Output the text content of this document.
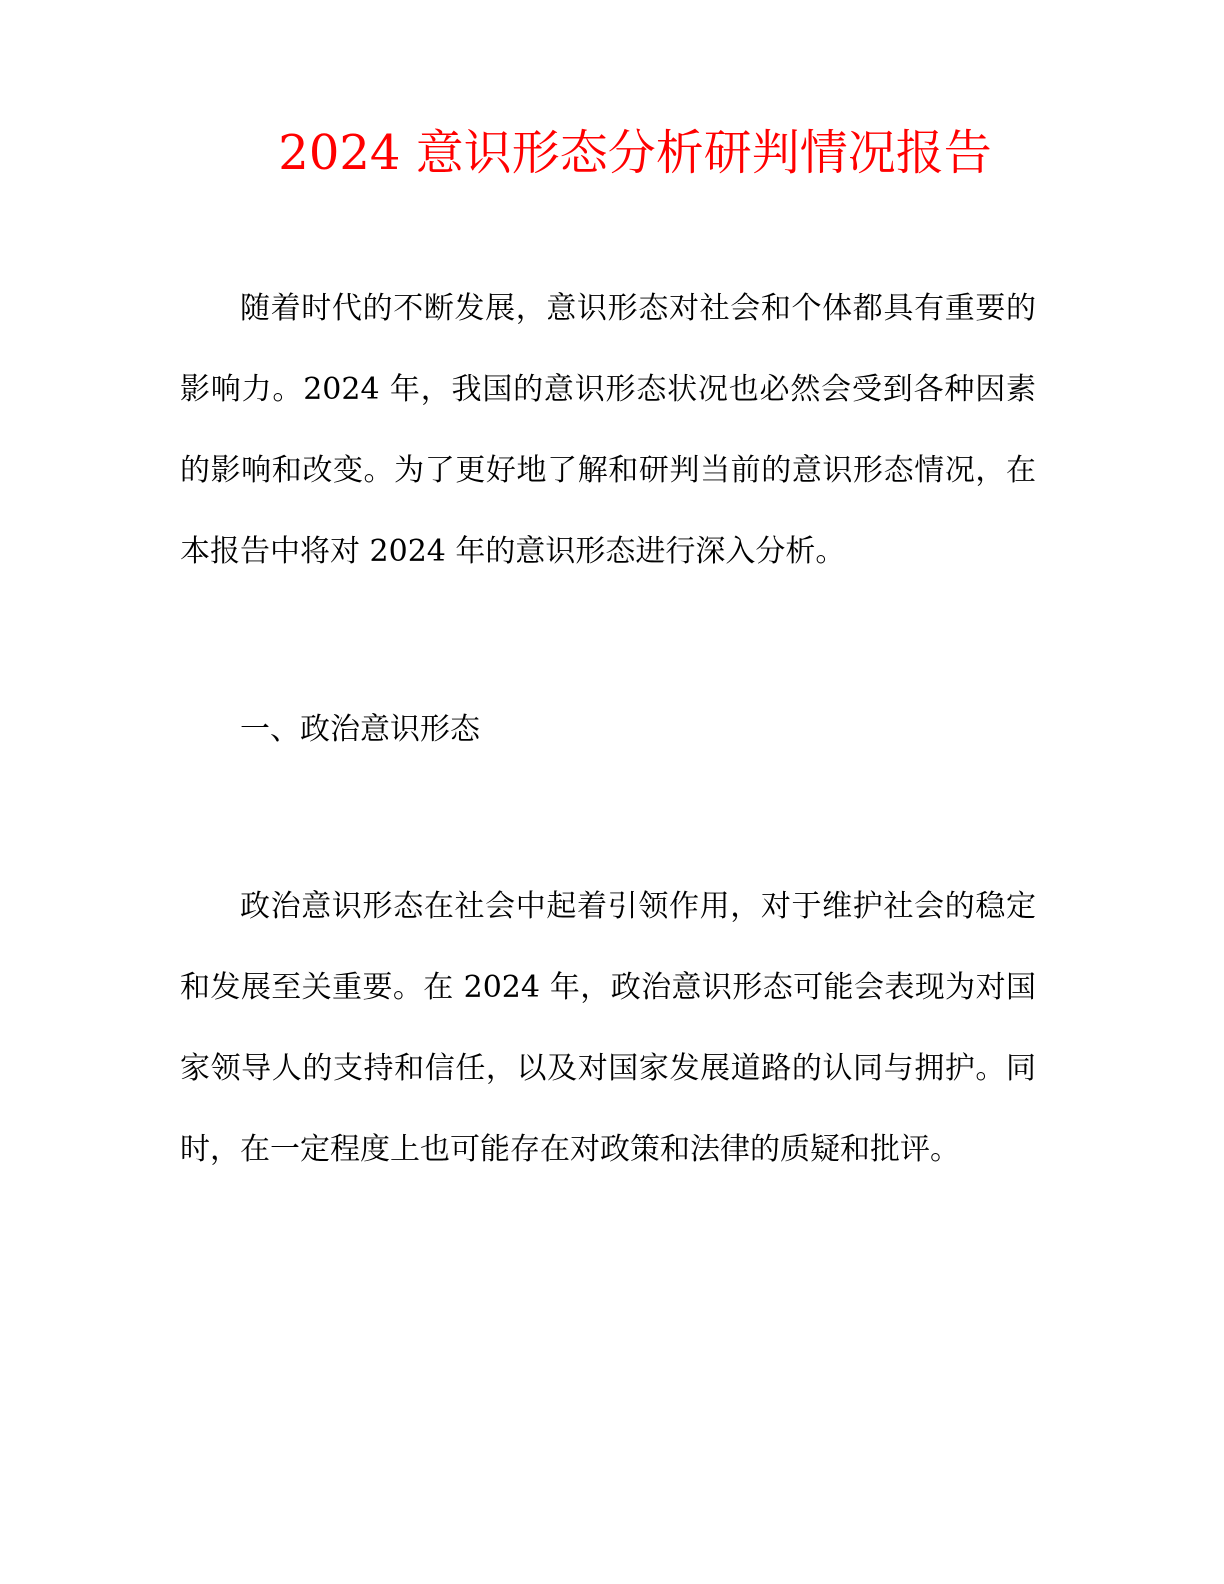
2024 意识形态分析研判情况报告

随着时代的不断发展，意识形态对社会和个体都具有重要的影响力。2024 年，我国的意识形态状况也必然会受到各种因素的影响和改变。为了更好地了解和研判当前的意识形态情况，在本报告中将对 2024 年的意识形态进行深入分析。

一、政治意识形态

政治意识形态在社会中起着引领作用，对于维护社会的稳定和发展至关重要。在 2024 年，政治意识形态可能会表现为对国家领导人的支持和信任，以及对国家发展道路的认同与拥护。同时，在一定程度上也可能存在对政策和法律的质疑和批评。
